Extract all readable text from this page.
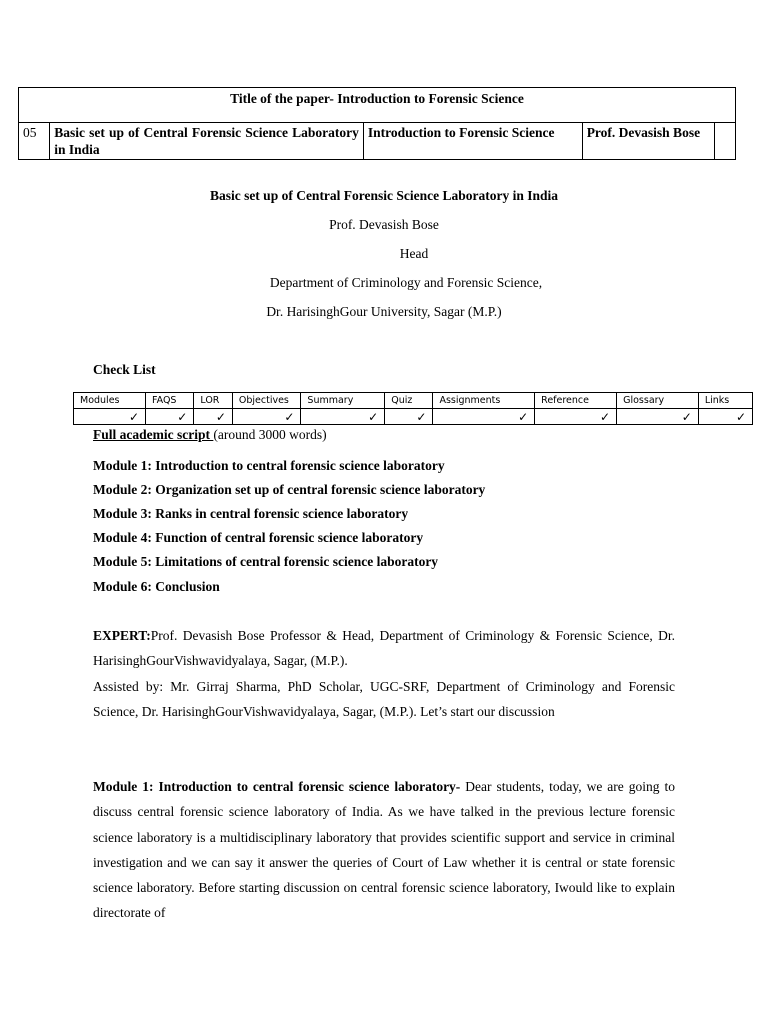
Title of the paper- Introduction to Forensic Science
05	Basic set up of Central Forensic Science Laboratory in India	Introduction to Forensic Science	Prof. Devasish Bose	
Basic set up of Central Forensic Science Laboratory in India
Prof. Devasish Bose
Head
Department of Criminology and Forensic Science,
Dr. HarisinghGour University, Sagar (M.P.)
Check List
Modules	FAQS	LOR	Objectives	Summary	Quiz	Assignments	Reference	Glossary	Links
✓	✓	✓	✓	✓	✓	✓	✓	✓	✓
Full academic script (around 3000 words)
Module 1: Introduction to central forensic science laboratory
Module 2: Organization set up of central forensic science laboratory
Module 3: Ranks in central forensic science laboratory
Module 4: Function of central forensic science laboratory
Module 5: Limitations of central forensic science laboratory
Module 6: Conclusion

EXPERT:Prof. Devasish Bose Professor & Head, Department of Criminology & Forensic Science, Dr. HarisinghGourVishwavidyalaya, Sagar, (M.P.).
Assisted by: Mr. Girraj Sharma, PhD Scholar, UGC-SRF, Department of Criminology and Forensic Science, Dr. HarisinghGourVishwavidyalaya, Sagar, (M.P.). Let’s start our discussion

Module 1: Introduction to central forensic science laboratory- Dear students, today, we are going to discuss central forensic science laboratory of India. As we have talked in the previous lecture forensic science laboratory is a multidisciplinary laboratory that provides scientific support and service in criminal investigation and we can say it answer the queries of Court of Law whether it is central or state forensic science laboratory. Before starting discussion on central forensic science laboratory, Iwould like to explain directorate of
